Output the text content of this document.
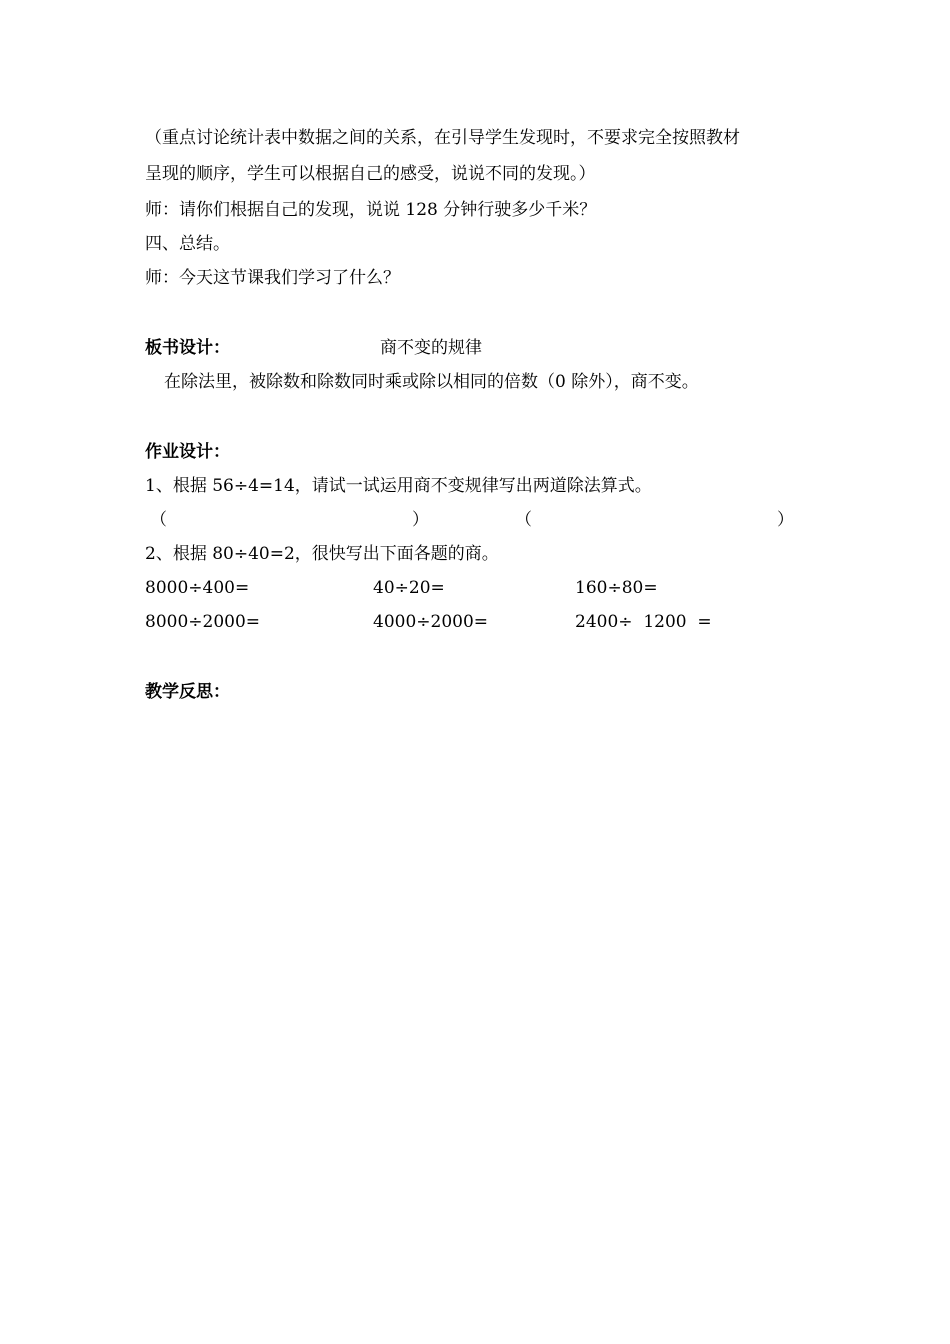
（重点讨论统计表中数据之间的关系，在引导学生发现时，不要求完全按照教材
呈现的顺序，学生可以根据自己的感受，说说不同的发现。）
师：请你们根据自己的发现，说说 128 分钟行驶多少千米？
四、总结。
师：今天这节课我们学习了什么？
板书设计：	商不变的规律
在除法里，被除数和除数同时乘或除以相同的倍数（0 除外），商不变。
作业设计：
1、根据 56÷4=14，请试一试运用商不变规律写出两道除法算式。
（	）	（	）
2、根据 80÷40=2，很快写出下面各题的商。
8000÷400=	40÷20=	160÷80=
8000÷2000=	4000÷2000=	2400÷  1200  =
教学反思：
